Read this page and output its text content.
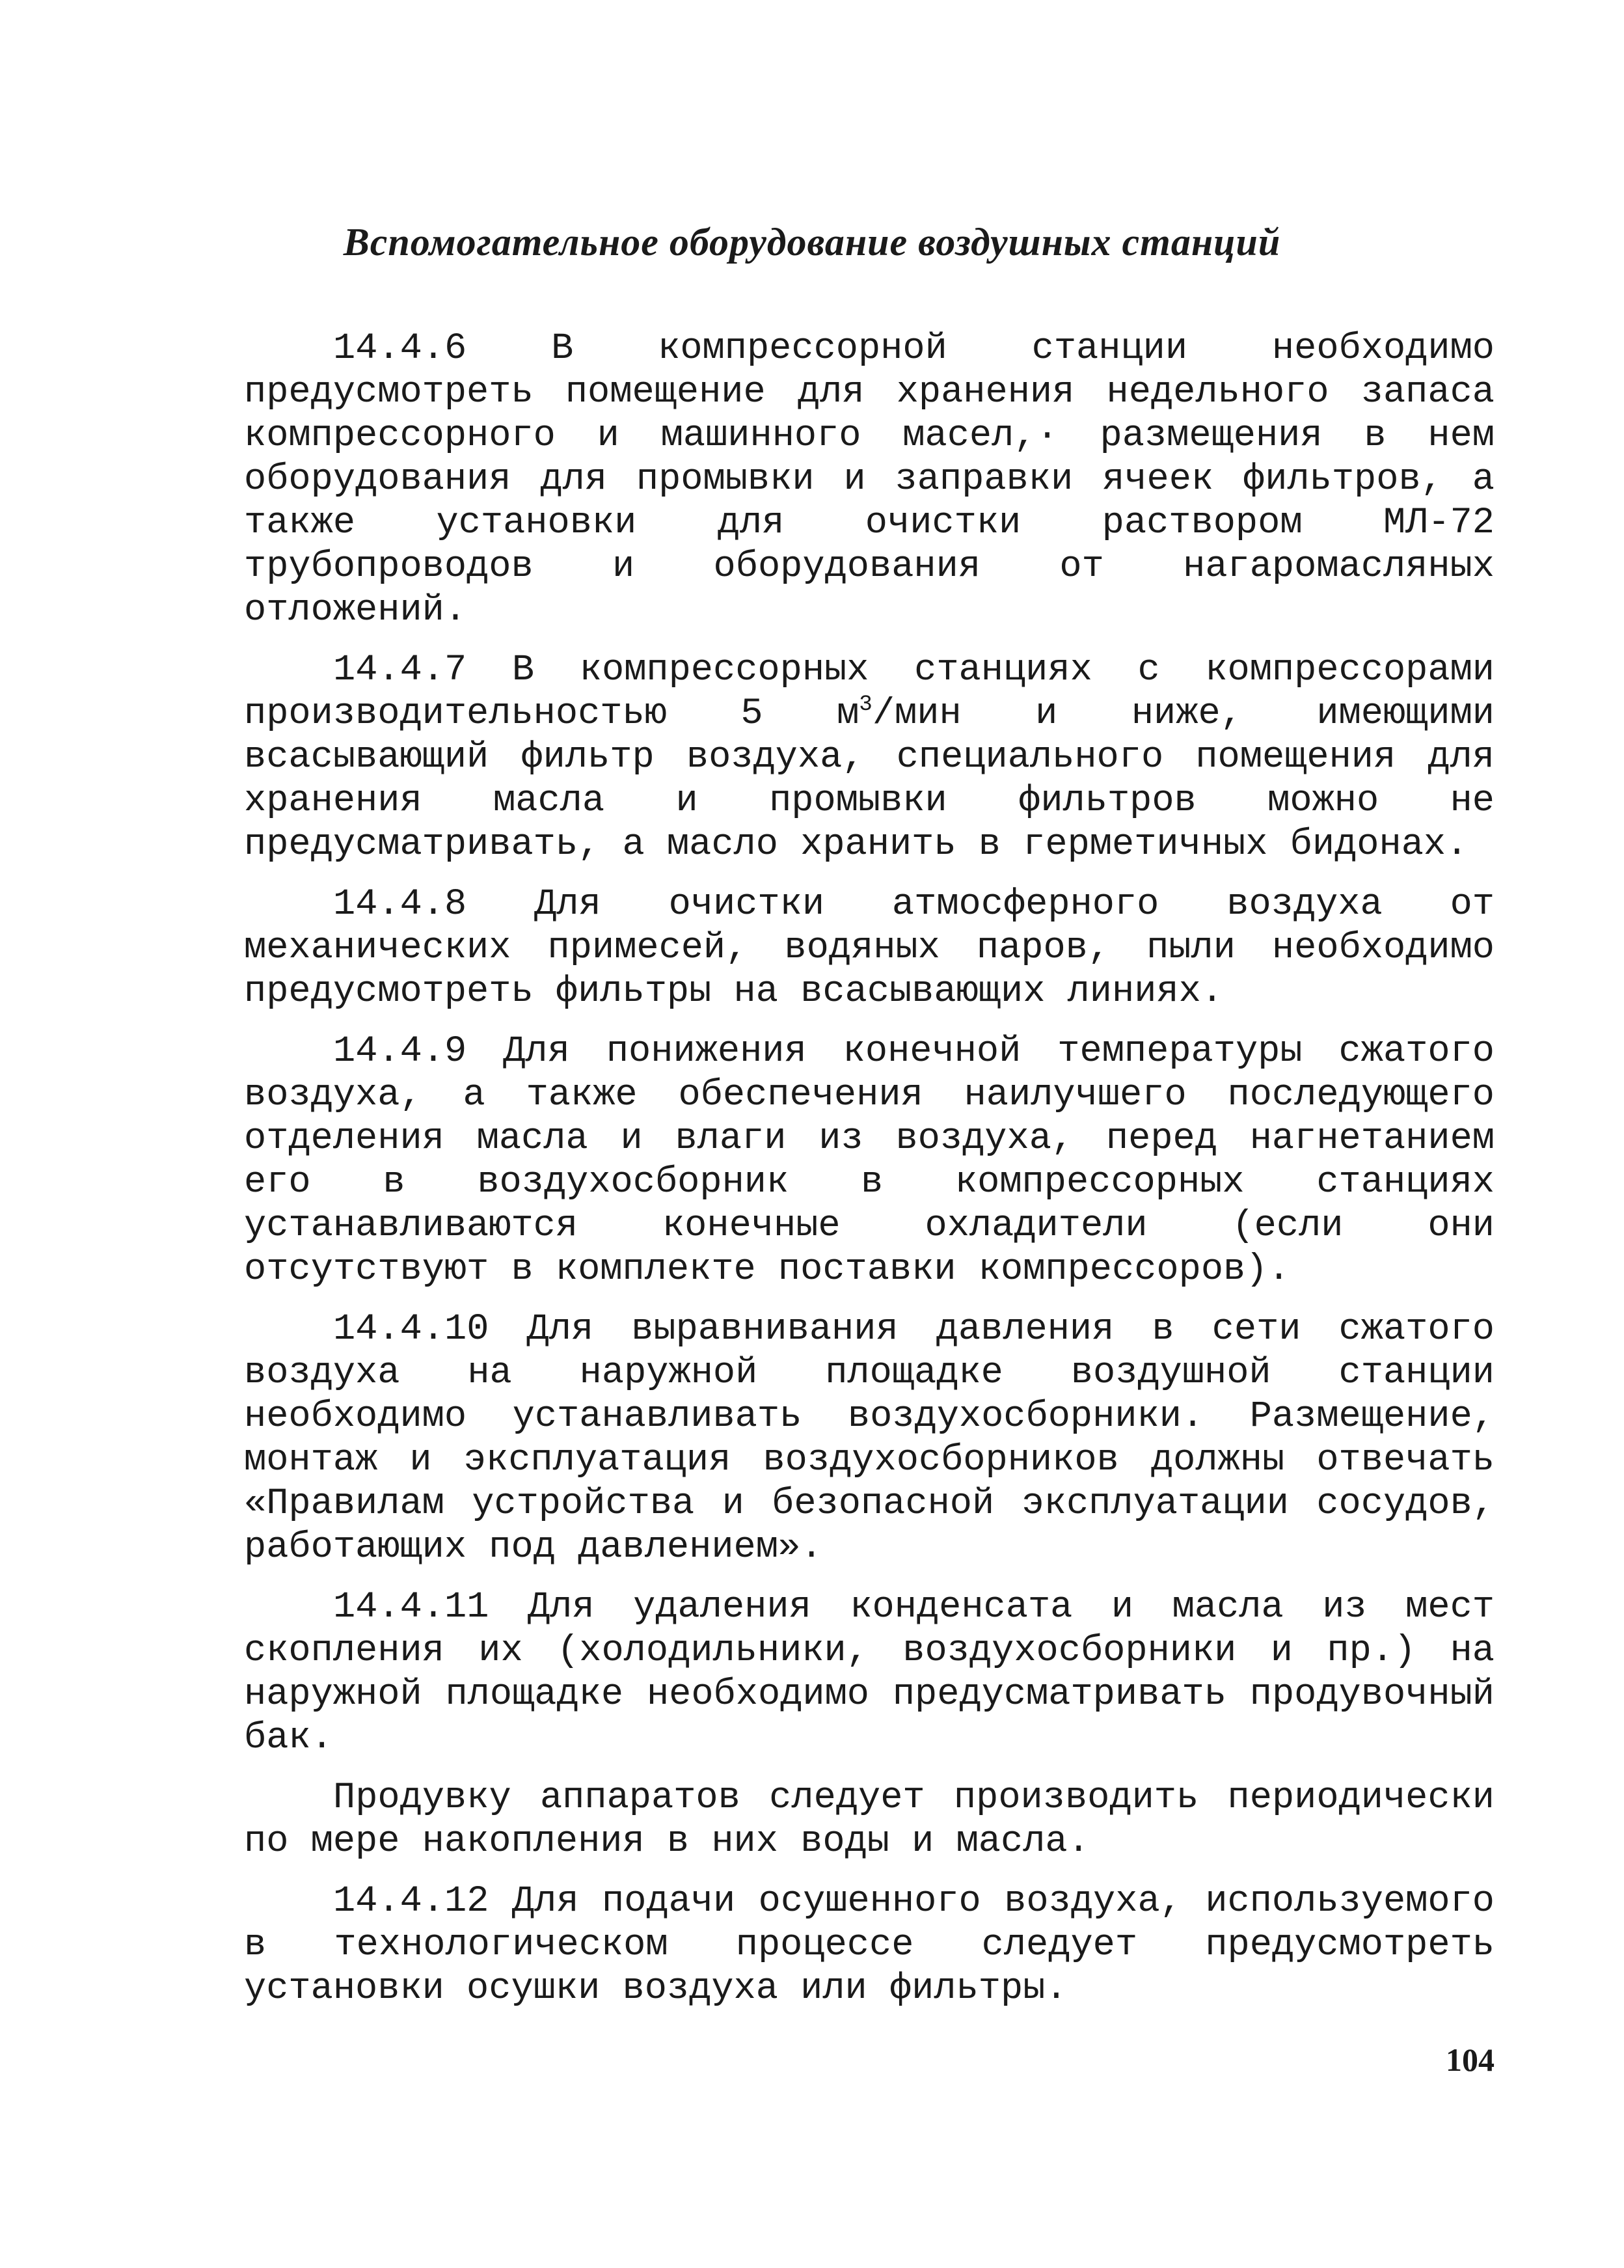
Вспомогательное оборудование воздушных станций

14.4.6 В компрессорной станции необходимо предусмотреть помещение для хранения недельного запаса компрессорного и машинного масел,· размещения в нем оборудования для промывки и заправки ячеек фильтров, а также установки для очистки раствором МЛ-72 трубопроводов и оборудования от нагаромасляных отложений.

14.4.7 В компрессорных станциях с компрессорами производительностью 5 $м^3$/мин и ниже, имеющими всасывающий фильтр воздуха, специального помещения для хранения масла и промывки фильтров можно не предусматривать, а масло хранить в герметичных бидонах.

14.4.8 Для очистки атмосферного воздуха от механических примесей, водяных паров, пыли необходимо предусмотреть фильтры на всасывающих линиях.

14.4.9 Для понижения конечной температуры сжатого воздуха, а также обеспечения наилучшего последующего отделения масла и влаги из воздуха, перед нагнетанием его в воздухосборник в компрессорных станциях устанавливаются конечные охладители (если они отсутствуют в комплекте поставки компрессоров).

14.4.10 Для выравнивания давления в сети сжатого воздуха на наружной площадке воздушной станции необходимо устанавливать воздухосборники. Размещение, монтаж и эксплуатация воздухосборников должны отвечать «Правилам устройства и безопасной эксплуатации сосудов, работающих под давлением».

14.4.11 Для удаления конденсата и масла из мест скопления их (холодильники, воздухосборники и пр.) на наружной площадке необходимо предусматривать продувочный бак.

Продувку аппаратов следует производить периодически по мере накопления в них воды и масла.

14.4.12 Для подачи осушенного воздуха, используемого в технологическом процессе следует предусмотреть установки осушки воздуха или фильтры.

104
